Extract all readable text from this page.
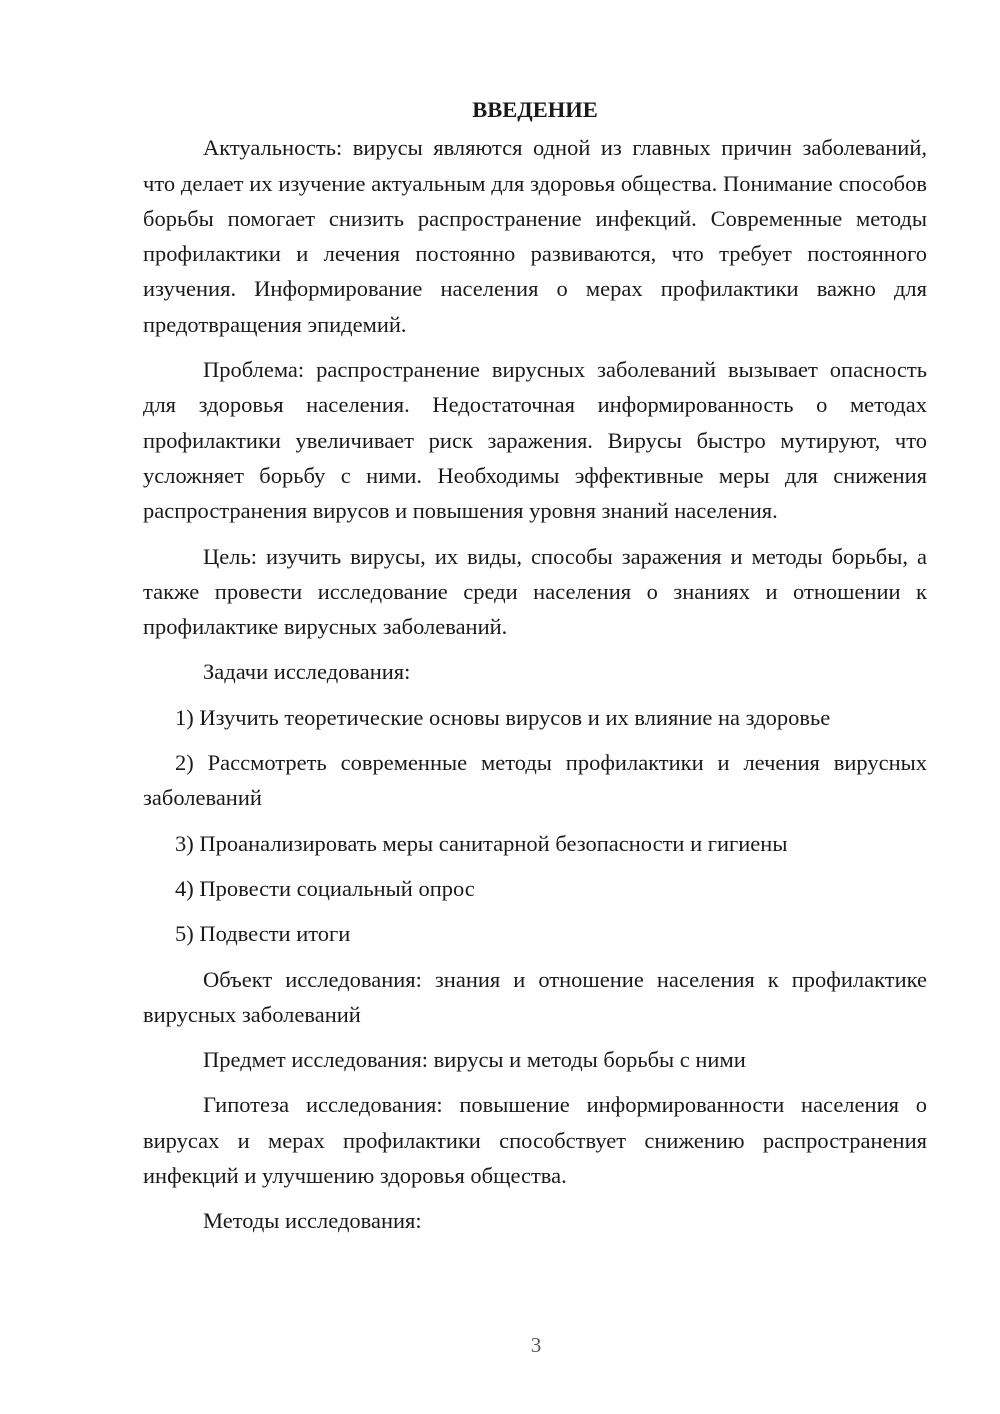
ВВЕДЕНИЕ

Актуальность: вирусы являются одной из главных причин заболеваний, что делает их изучение актуальным для здоровья общества. Понимание способов борьбы помогает снизить распространение инфекций. Современные методы профилактики и лечения постоянно развиваются, что требует постоянного изучения. Информирование населения о мерах профилактики важно для предотвращения эпидемий.

Проблема: распространение вирусных заболеваний вызывает опасность для здоровья населения. Недостаточная информированность о методах профилактики увеличивает риск заражения. Вирусы быстро мутируют, что усложняет борьбу с ними. Необходимы эффективные меры для снижения распространения вирусов и повышения уровня знаний населения.

Цель: изучить вирусы, их виды, способы заражения и методы борьбы, а также провести исследование среди населения о знаниях и отношении к профилактике вирусных заболеваний.

Задачи исследования:

1) Изучить теоретические основы вирусов и их влияние на здоровье

2) Рассмотреть современные методы профилактики и лечения вирусных заболеваний

3) Проанализировать меры санитарной безопасности и гигиены

4) Провести социальный опрос

5) Подвести итоги

Объект исследования: знания и отношение населения к профилактике вирусных заболеваний

Предмет исследования: вирусы и методы борьбы с ними

Гипотеза исследования: повышение информированности населения о вирусах и мерах профилактики способствует снижению распространения инфекций и улучшению здоровья общества.

Методы исследования:

3
